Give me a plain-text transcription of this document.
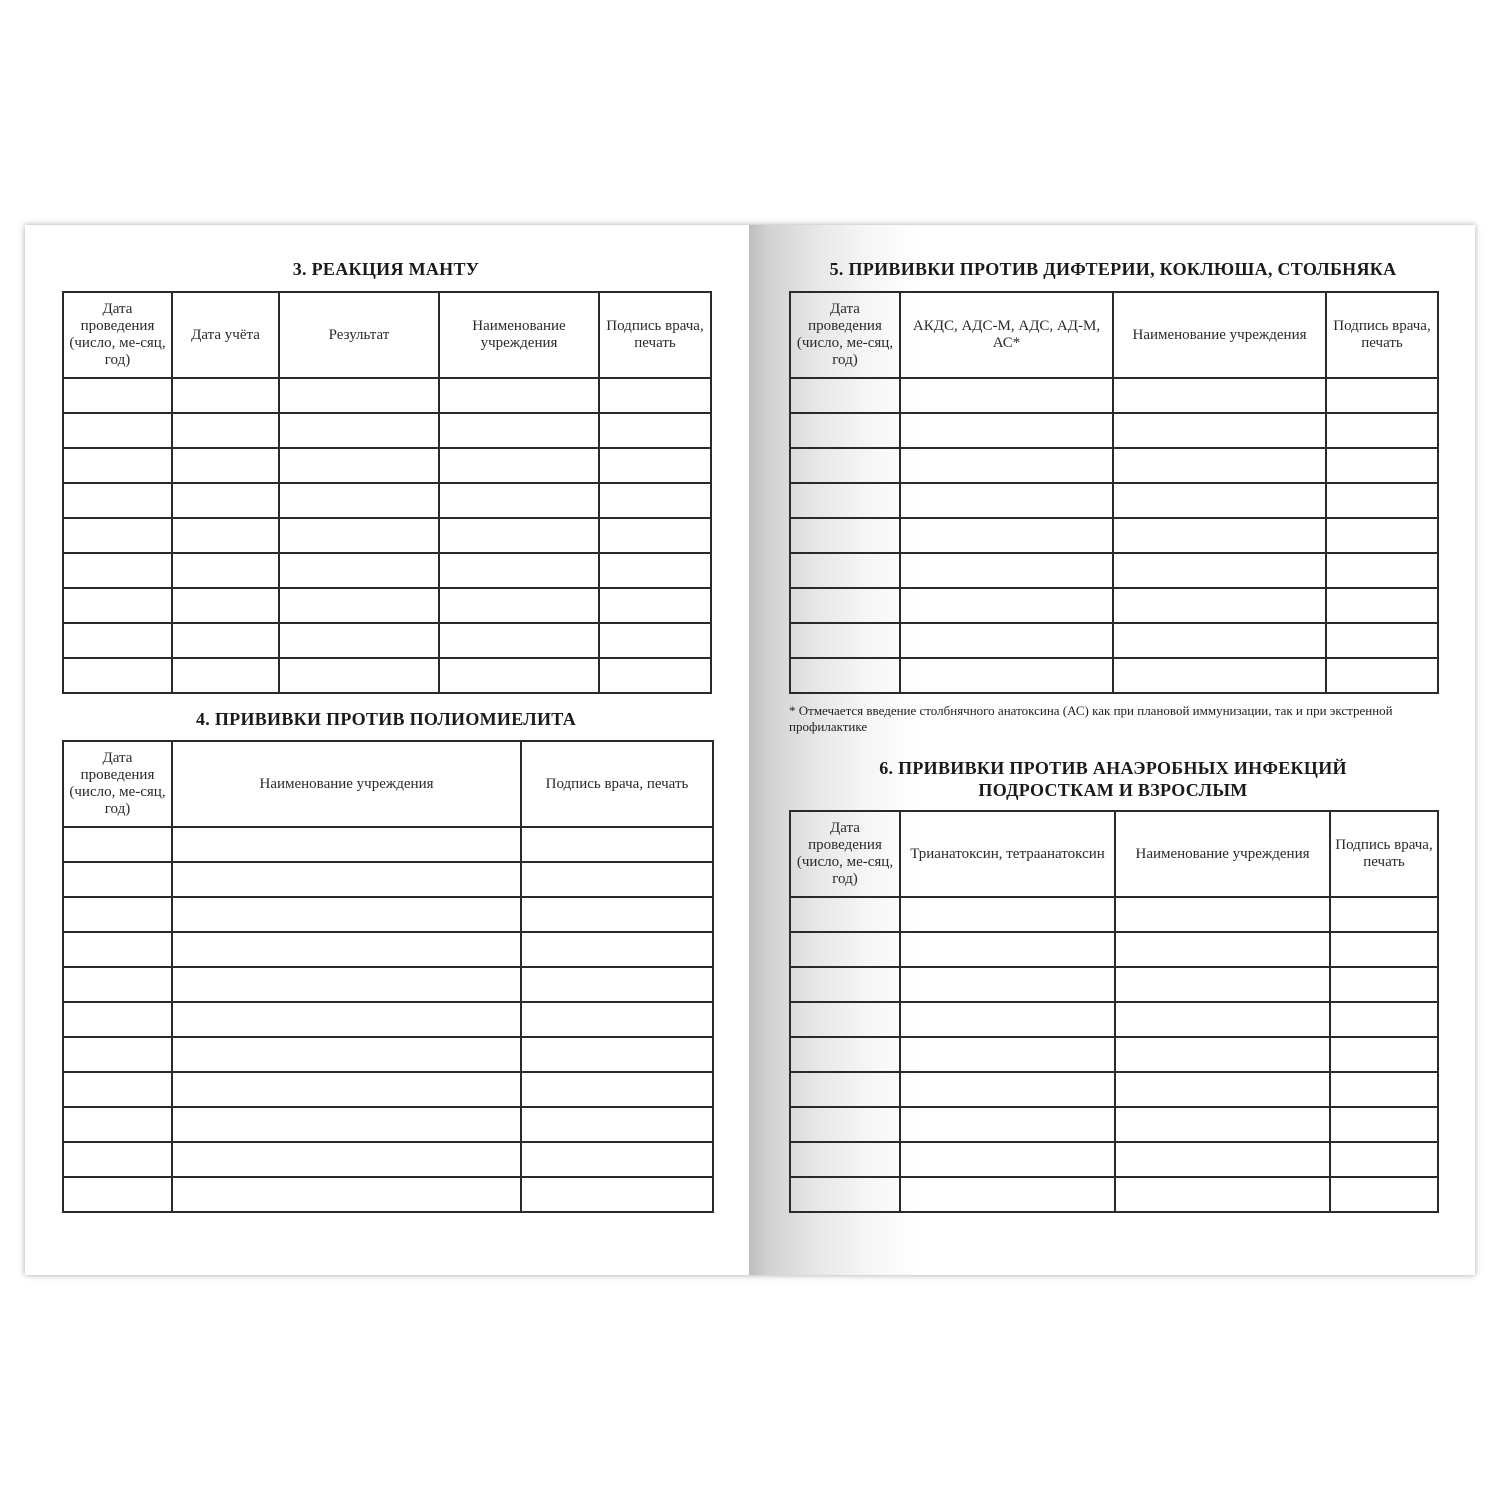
3. РЕАКЦИЯ МАНТУ
Дата проведения (число, ме-сяц, год)	Дата учёта	Результат	Наименование учреждения	Подпись врача, печать

4. ПРИВИВКИ ПРОТИВ ПОЛИОМИЕЛИТА
Дата проведения (число, ме-сяц, год)	Наименование учреждения	Подпись врача, печать

5. ПРИВИВКИ ПРОТИВ ДИФТЕРИИ, КОКЛЮША, СТОЛБНЯКА
Дата проведения (число, ме-сяц, год)	АКДС, АДС-М, АДС, АД-М, АС*	Наименование учреждения	Подпись врача, печать

* Отмечается введение столбнячного анатоксина (АС) как при плановой иммунизации, так и при экстренной профилактике
6. ПРИВИВКИ ПРОТИВ АНАЭРОБНЫХ ИНФЕКЦИЙ
ПОДРОСТКАМ И ВЗРОСЛЫМ
Дата проведения (число, ме-сяц, год)	Трианатоксин, тетраанатоксин	Наименование учреждения	Подпись врача, печать
